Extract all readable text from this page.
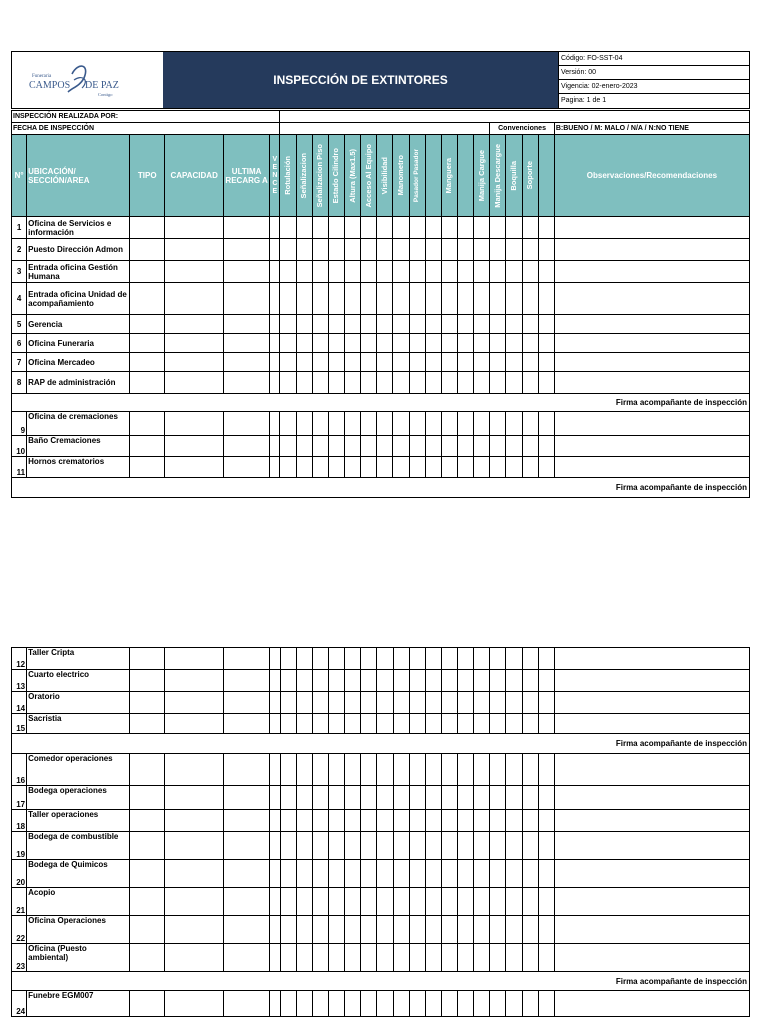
Funeraria
CAMPOS DE PAZ
Contigo
INSPECCIÓN DE EXTINTORES
Código: FO-SST-04
Versión: 00
Vigencia: 02-enero-2023
Pagina: 1 de 1
INSPECCIÓN REALIZADA POR:																							
FECHA DE INSPECCIÓN																			Convenciones				B:BUENO / M: MALO / N/A / N:NO TIENE
N°	UBICACIÓN/ SECCIÓN/AREA	TIPO	CAPACIDAD	ULTIMA RECARG A	V E N C E	Rotulación	Señalizacion	Señalizacion Piso	Estado Cilindro	Altura (Max1.5)	Acceso Al Equipo	Visibilidad	Manometro	Pasador Pasador		Manguera		Manija Cargue	Manija Descargue	Boquilla	Soporte		Observaciones/Recomendaciones
1	Oficina de Servicios e información																						
2	Puesto Dirección Admon																						
3	Entrada oficina Gestión Humana																						
4	Entrada oficina Unidad de acompañamiento																						
5	Gerencia																						
6	Oficina Funeraria																						
7	Oficina Mercadeo																						
8	RAP de administración																						
Firma acompañante de inspección																							
9	Oficina de cremaciones																						
10	Baño Cremaciones																						
11	Hornos crematorios																						
Firma acompañante de inspección																							
12	Taller Cripta																						
13	Cuarto electrico																						
14	Oratorio																						
15	Sacristia																						
Firma acompañante de inspección																							
16	Comedor operaciones																						
17	Bodega operaciones																						
18	Taller operaciones																						
19	Bodega de combustible																						
20	Bodega de Quimicos																						
21	Acopio																						
22	Oficina Operaciones																						
23	Oficina (Puesto ambiental)																						
Firma acompañante de inspección																							
24	Funebre EGM007																						
